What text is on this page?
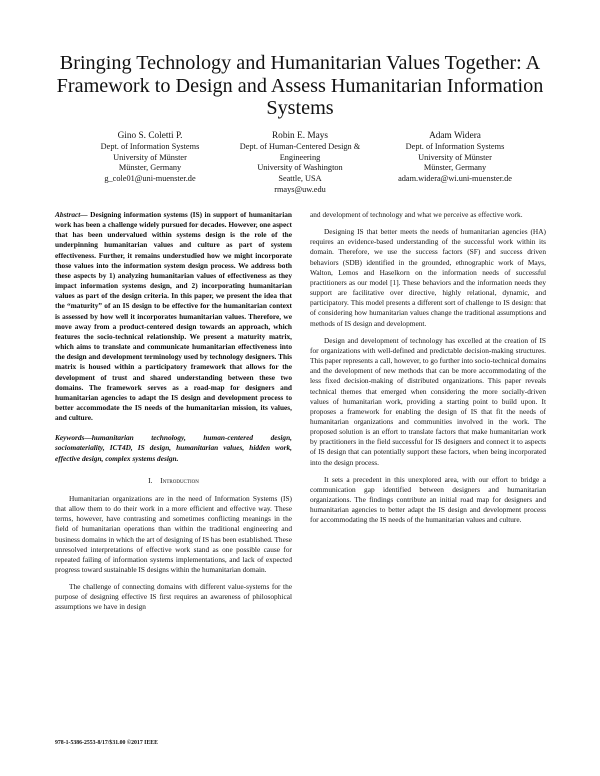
Bringing Technology and Humanitarian Values Together: A Framework to Design and Assess Humanitarian Information Systems
Gino S. Coletti P.
Dept. of Information Systems
University of Münster
Münster, Germany
g_cole01@uni-muenster.de
Robin E. Mays
Dept. of Human-Centered Design &
Engineering
University of Washington
Seattle, USA
rmays@uw.edu
Adam Widera
Dept. of Information Systems
University of Münster
Münster, Germany
adam.widera@wi.uni-muenster.de

Abstract— Designing information systems (IS) in support of humanitarian work has been a challenge widely pursued for decades. However, one aspect that has been undervalued within systems design is the role of the underpinning humanitarian values and culture as part of system effectiveness. Further, it remains understudied how we might incorporate those values into the information system design process. We address both these aspects by 1) analyzing humanitarian values of effectiveness as they impact information systems design, and 2) incorporating humanitarian values as part of the design criteria. In this paper, we present the idea that the “maturity” of an IS design to be effective for the humanitarian context is assessed by how well it incorporates humanitarian values. Therefore, we move away from a product-centered design towards an approach, which features the socio-technical relationship. We present a maturity matrix, which aims to translate and communicate humanitarian effectiveness into the design and development terminology used by technology designers. This matrix is housed within a participatory framework that allows for the development of trust and shared understanding between these two domains. The framework serves as a road-map for designers and humanitarian agencies to adapt the IS design and development process to better accommodate the IS needs of the humanitarian mission, its values, and culture.

Keywords—humanitarian technology, human-centered design, sociomateriality, ICT4D, IS design, humanitarian values, hidden work, effective design, complex systems design.

I. Introduction

Humanitarian organizations are in the need of Information Systems (IS) that allow them to do their work in a more efficient and effective way. These terms, however, have contrasting and sometimes conflicting meanings in the field of humanitarian operations than within the traditional engineering and business domains in which the art of designing of IS has been established. These unresolved interpretations of effective work stand as one possible cause for repeated failing of information systems implementations, and lack of expected progress toward sustainable IS designs within the humanitarian domain.

The challenge of connecting domains with different value-systems for the purpose of designing effective IS first requires an awareness of philosophical assumptions we have in design

and development of technology and what we perceive as effective work.

Designing IS that better meets the needs of humanitarian agencies (HA) requires an evidence-based understanding of the successful work within its domain. Therefore, we use the success factors (SF) and success driven behaviors (SDB) identified in the grounded, ethnographic work of Mays, Walton, Lemos and Haselkorn on the information needs of successful practitioners as our model [1]. These behaviors and the information needs they support are facilitative over directive, highly relational, dynamic, and participatory. This model presents a different sort of challenge to IS design: that of considering how humanitarian values change the traditional assumptions and methods of IS design and development.

Design and development of technology has excelled at the creation of IS for organizations with well-defined and predictable decision-making structures. This paper represents a call, however, to go further into socio-technical domains and the development of new methods that can be more accommodating of the less fixed decision-making of distributed organizations. This paper reveals technical themes that emerged when considering the more socially-driven values of humanitarian work, providing a starting point to build upon. It proposes a framework for enabling the design of IS that fit the needs of humanitarian organizations and communities involved in the work. The proposed solution is an effort to translate factors that make humanitarian work by practitioners in the field successful for IS designers and connect it to aspects of IS design that can potentially support these factors, when being incorporated into the design process.

It sets a precedent in this unexplored area, with our effort to bridge a communication gap identified between designers and humanitarian organizations. The findings contribute an initial road map for designers and humanitarian agencies to better adapt the IS design and development process for accommodating the IS needs of the humanitarian values and culture.

978-1-5386-2553-8/17/$31.00 ©2017 IEEE
